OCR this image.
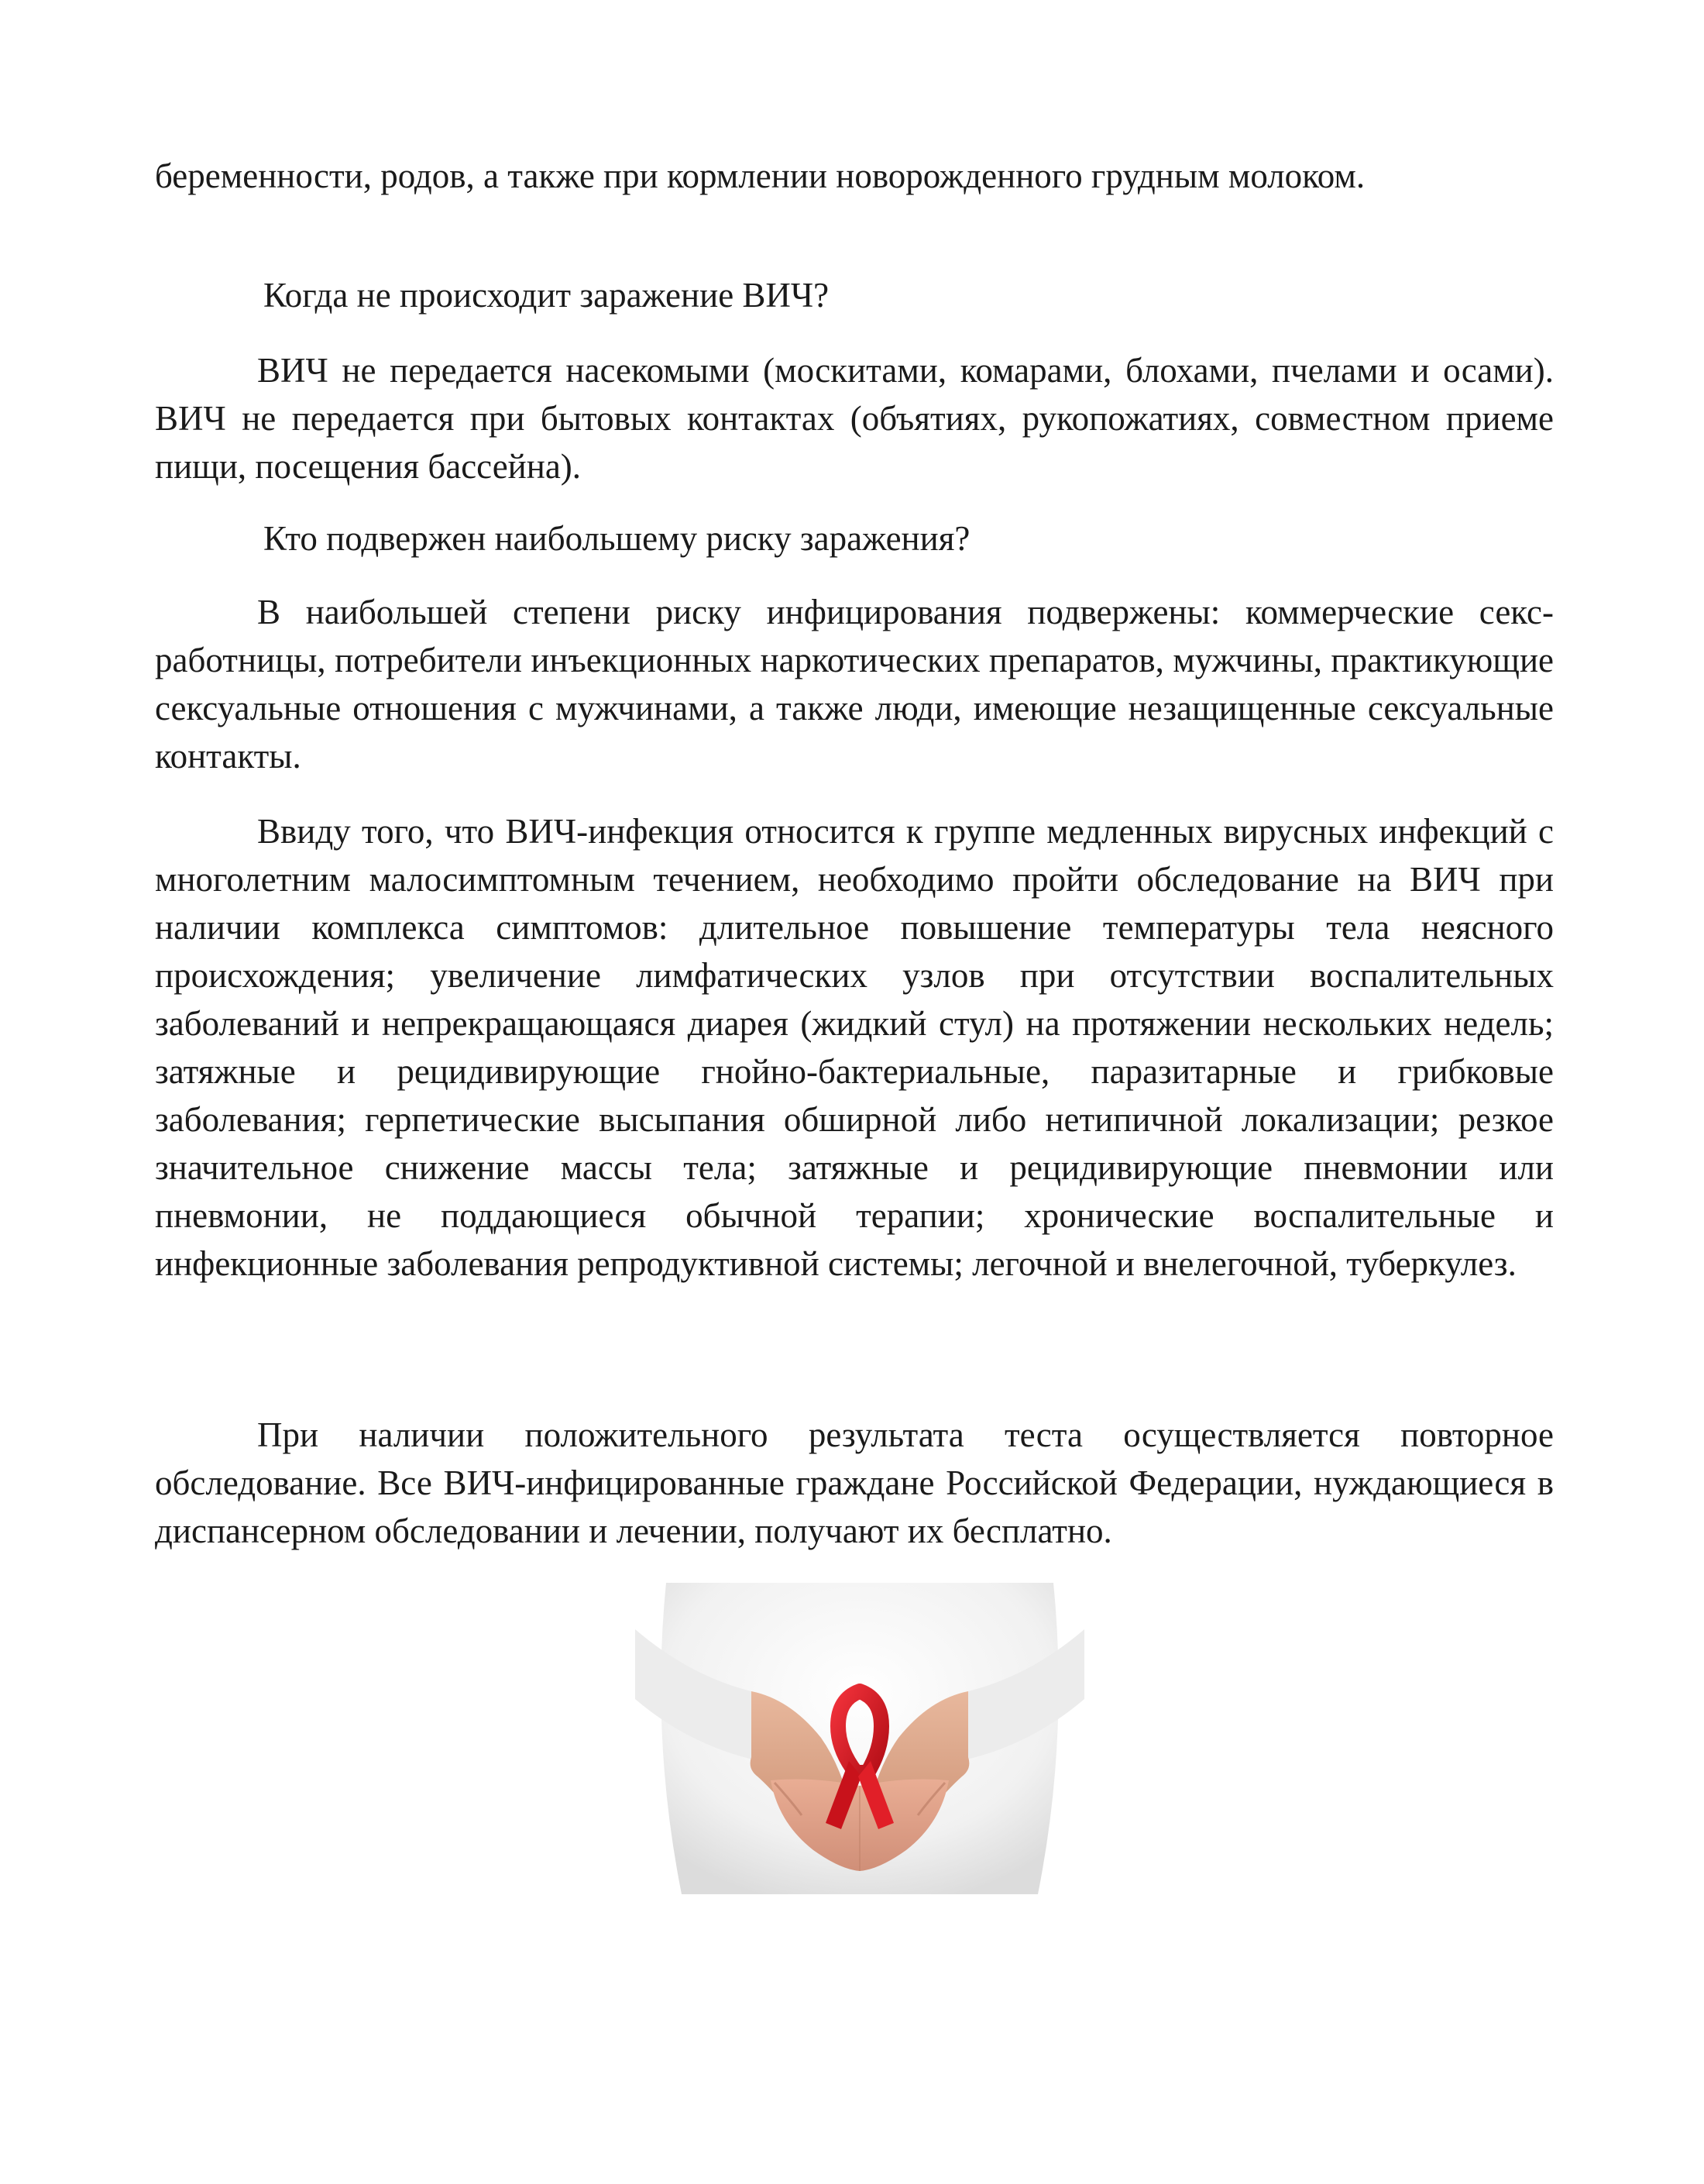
беременности, родов, а также при кормлении новорожденного грудным молоком.

Когда не происходит заражение ВИЧ?

ВИЧ не передается насекомыми (москитами, комарами, блохами, пчелами и осами). ВИЧ не передается при бытовых контактах (объятиях, рукопожатиях, совместном приеме пищи, посещения бассейна).

Кто подвержен наибольшему риску заражения?

В наибольшей степени риску инфицирования подвержены: коммерческие секс-работницы, потребители инъекционных наркотических препаратов, мужчины, практикующие сексуальные отношения с мужчинами, а также люди, имеющие незащищенные сексуальные контакты.

Ввиду того, что ВИЧ-инфекция относится к группе медленных вирусных инфекций с многолетним малосимптомным течением, необходимо пройти обследование на ВИЧ при наличии комплекса симптомов: длительное повышение температуры тела неясного происхождения; увеличение лимфатических узлов при отсутствии воспалительных заболеваний и непрекращающаяся диарея (жидкий стул) на протяжении нескольких недель; затяжные и рецидивирующие гнойно-бактериальные, паразитарные и грибковые заболевания; герпетические высыпания обширной либо нетипичной локализации; резкое значительное снижение массы тела; затяжные и рецидивирующие пневмонии или пневмонии, не поддающиеся обычной терапии; хронические воспалительные и инфекционные заболевания репродуктивной системы; легочной и внелегочной, туберкулез.

При наличии положительного результата теста осуществляется повторное обследование. Все ВИЧ-инфицированные граждане Российской Федерации, нуждающиеся в диспансерном обследовании и лечении, получают их бесплатно.
